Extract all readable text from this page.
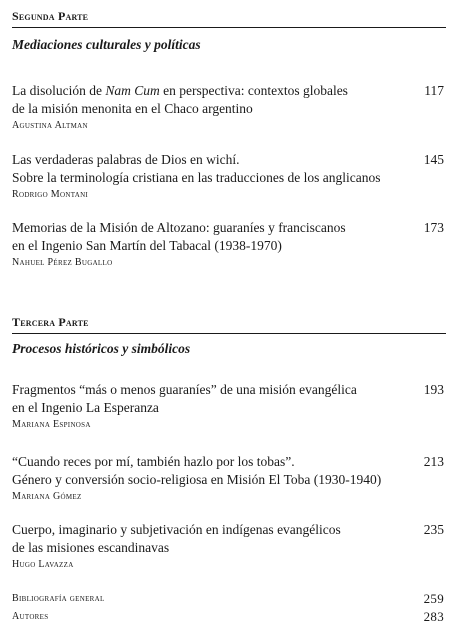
Segunda Parte
Mediaciones culturales y políticas
La disolución de Nam Cum en perspectiva: contextos globales
de la misión menonita en el Chaco argentino
Agustina Altman
117
Las verdaderas palabras de Dios en wichí.
Sobre la terminología cristiana en las traducciones de los anglicanos
Rodrigo Montani
145
Memorias de la Misión de Altozano: guaraníes y franciscanos
en el Ingenio San Martín del Tabacal (1938-1970)
Nahuel Pérez Bugallo
173
Tercera Parte
Procesos históricos y simbólicos
Fragmentos “más o menos guaraníes” de una misión evangélica
en el Ingenio La Esperanza
Mariana Espinosa
193
“Cuando reces por mí, también hazlo por los tobas”.
Género y conversión socio-religiosa en Misión El Toba (1930-1940)
Mariana Gómez
213
Cuerpo, imaginario y subjetivación en indígenas evangélicos
de las misiones escandinavas
Hugo Lavazza
235
Bibliografía general	259
Autores	283
